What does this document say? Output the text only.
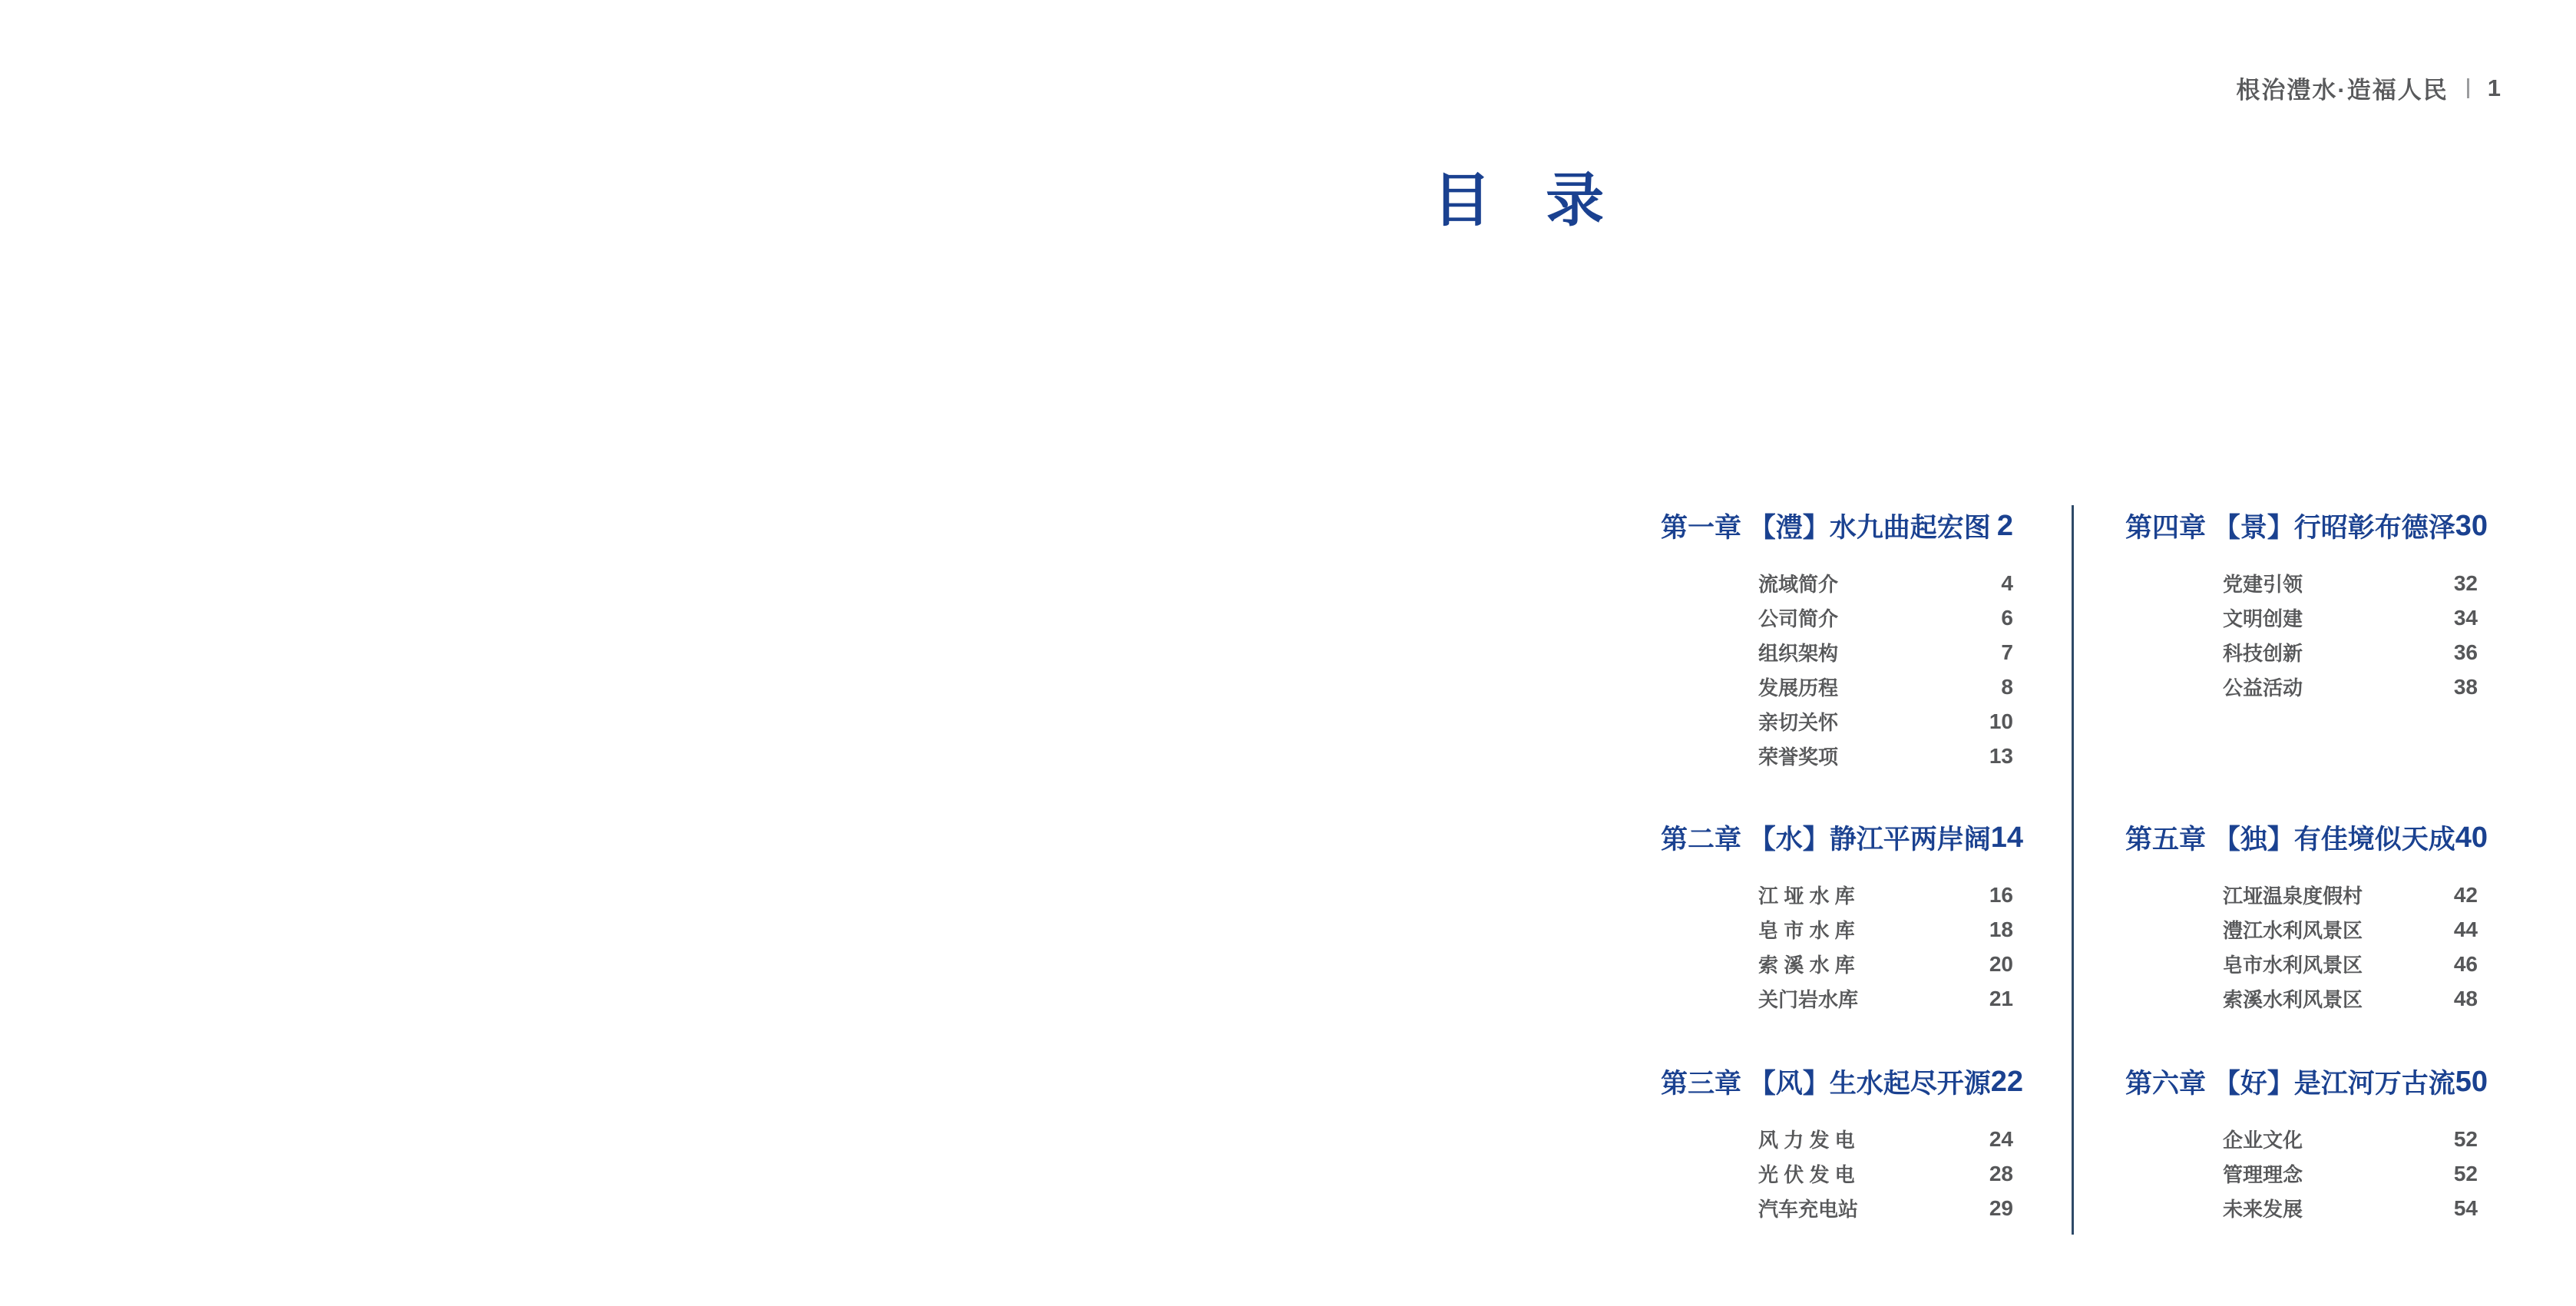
根治澧水·造福人民 1
目 录
第一章 【澧】水九曲起宏图 2
流域简介	4
公司简介	6
组织架构	7
发展历程	8
亲切关怀	10
荣誉奖项	13
第二章 【水】静江平两岸阔 14
江 垭 水 库	16
皂 市 水 库	18
索 溪 水 库	20
关门岩水库	21
第三章 【风】生水起尽开源 22
风 力 发 电	24
光 伏 发 电	28
汽车充电站	29
第四章 【景】行昭彰布德泽 30
党建引领	32
文明创建	34
科技创新	36
公益活动	38
第五章 【独】有佳境似天成 40
江垭温泉度假村	42
澧江水利风景区	44
皂市水利风景区	46
索溪水利风景区	48
第六章 【好】是江河万古流 50
企业文化	52
管理理念	52
未来发展	54
